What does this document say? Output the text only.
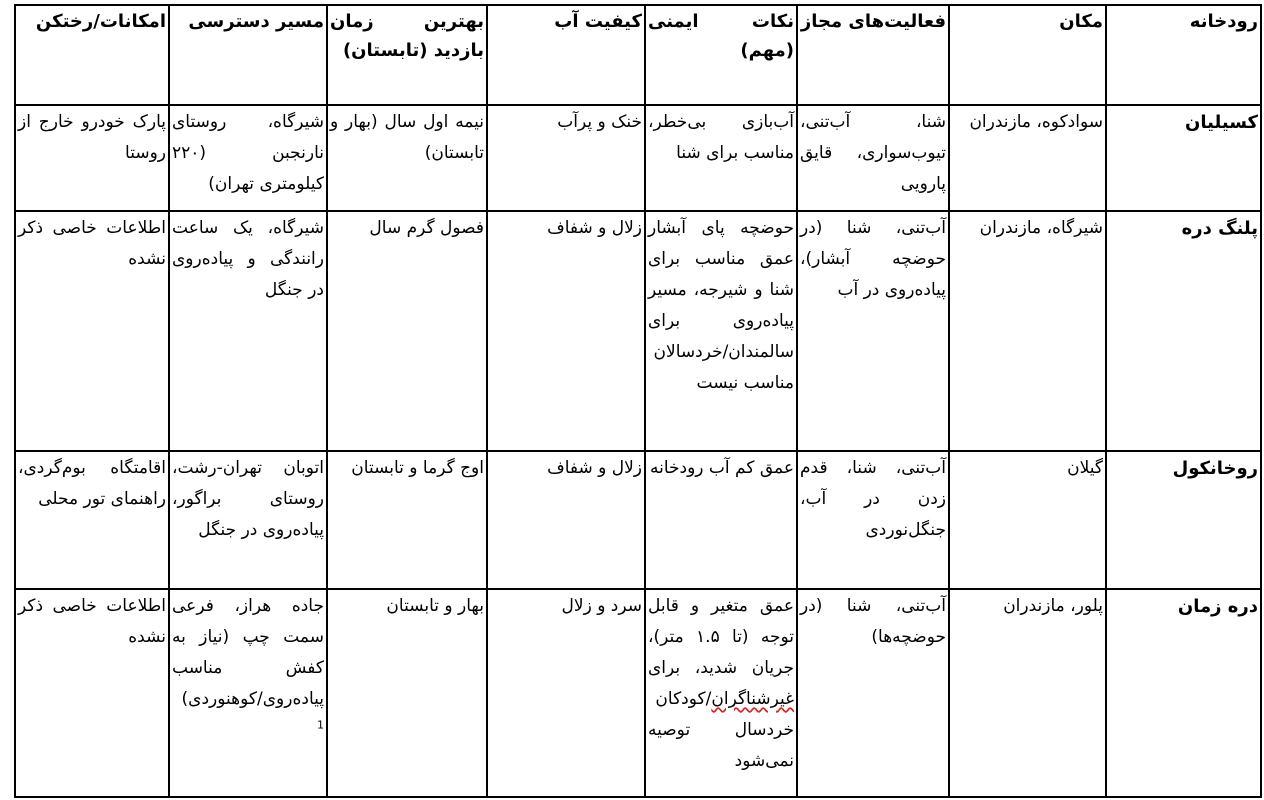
رودخانه	مکان	فعالیت‌های مجاز	نکات ایمنی (مهم)	کیفیت آب	بهترین زمان بازدید (تابستان)	مسیر دسترسی	امکانات/رختکن
کسیلیان	سوادکوه، مازندران	شنا، آب‌تنی، تیوب‌سواری، قایق پارویی	آب‌بازی بی‌خطر، مناسب برای شنا	خنک و پرآب	نیمه اول سال (بهار و تابستان)	شیرگاه، روستای نارنجبن (۲۲۰ کیلومتری تهران)	پارک خودرو خارج از روستا
پلنگ دره	شیرگاه، مازندران	آب‌تنی، شنا (در حوضچه آبشار)، پیاده‌روی در آب	حوضچه پای آبشار عمق مناسب برای شنا و شیرجه، مسیر پیاده‌روی برای سالمندان/خردسالان مناسب نیست	زلال و شفاف	فصول گرم سال	شیرگاه، یک ساعت رانندگی و پیاده‌روی در جنگل	اطلاعات خاصی ذکر نشده
روخانکول	گیلان	آب‌تنی، شنا، قدم زدن در آب، جنگل‌نوردی	عمق کم آب رودخانه	زلال و شفاف	اوج گرما و تابستان	اتوبان تهران-رشت، روستای براگور، پیاده‌روی در جنگل	اقامتگاه بوم‌گردی، راهنمای تور محلی
دره زمان	پلور، مازندران	آب‌تنی، شنا (در حوضچه‌ها)	عمق متغیر و قابل توجه (تا ۱.۵ متر)، جریان شدید، برای غیرشناگران/کودکان خردسال توصیه نمی‌شود	سرد و زلال	بهار و تابستان	جاده هراز، فرعی سمت چپ (نیاز به کفش مناسب پیاده‌روی/کوهنوردی) $^1$	اطلاعات خاصی ذکر نشده
